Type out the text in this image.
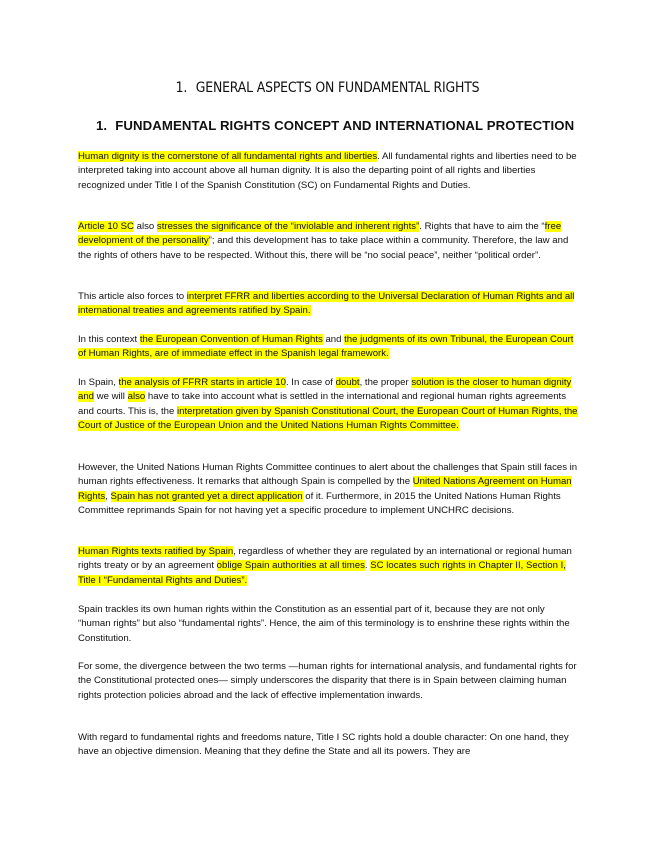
1. GENERAL ASPECTS ON FUNDAMENTAL RIGHTS
1. FUNDAMENTAL RIGHTS CONCEPT AND INTERNATIONAL PROTECTION

Human dignity is the cornerstone of all fundamental rights and liberties. All fundamental rights and liberties need to be interpreted taking into account above all human dignity. It is also the departing point of all rights and liberties recognized under Title I of the Spanish Constitution (SC) on Fundamental Rights and Duties.

Article 10 SC also stresses the significance of the “inviolable and inherent rights”. Rights that have to aim the “free development of the personality”; and this development has to take place within a community. Therefore, the law and the rights of others have to be respected. Without this, there will be “no social peace”, neither “political order”.

This article also forces to interpret FFRR and liberties according to the Universal Declaration of Human Rights and all international treaties and agreements ratified by Spain.

In this context the European Convention of Human Rights and the judgments of its own Tribunal, the European Court of Human Rights, are of immediate effect in the Spanish legal framework.

In Spain, the analysis of FFRR starts in article 10. In case of doubt, the proper solution is the closer to human dignity and we will also have to take into account what is settled in the international and regional human rights agreements and courts. This is, the interpretation given by Spanish Constitutional Court, the European Court of Human Rights, the Court of Justice of the European Union and the United Nations Human Rights Committee.

However, the United Nations Human Rights Committee continues to alert about the challenges that Spain still faces in human rights effectiveness. It remarks that although Spain is compelled by the United Nations Agreement on Human Rights, Spain has not granted yet a direct application of it. Furthermore, in 2015 the United Nations Human Rights Committee reprimands Spain for not having yet a specific procedure to implement UNCHRC decisions.

Human Rights texts ratified by Spain, regardless of whether they are regulated by an international or regional human rights treaty or by an agreement oblige Spain authorities at all times. SC locates such rights in Chapter II, Section I, Title I “Fundamental Rights and Duties”.

Spain trackles its own human rights within the Constitution as an essential part of it, because they are not only “human rights” but also “fundamental rights”. Hence, the aim of this terminology is to enshrine these rights within the Constitution.

For some, the divergence between the two terms —human rights for international analysis, and fundamental rights for the Constitutional protected ones— simply underscores the disparity that there is in Spain between claiming human rights protection policies abroad and the lack of effective implementation inwards.

With regard to fundamental rights and freedoms nature, Title I SC rights hold a double character: On one hand, they have an objective dimension. Meaning that they define the State and all its powers. They are
